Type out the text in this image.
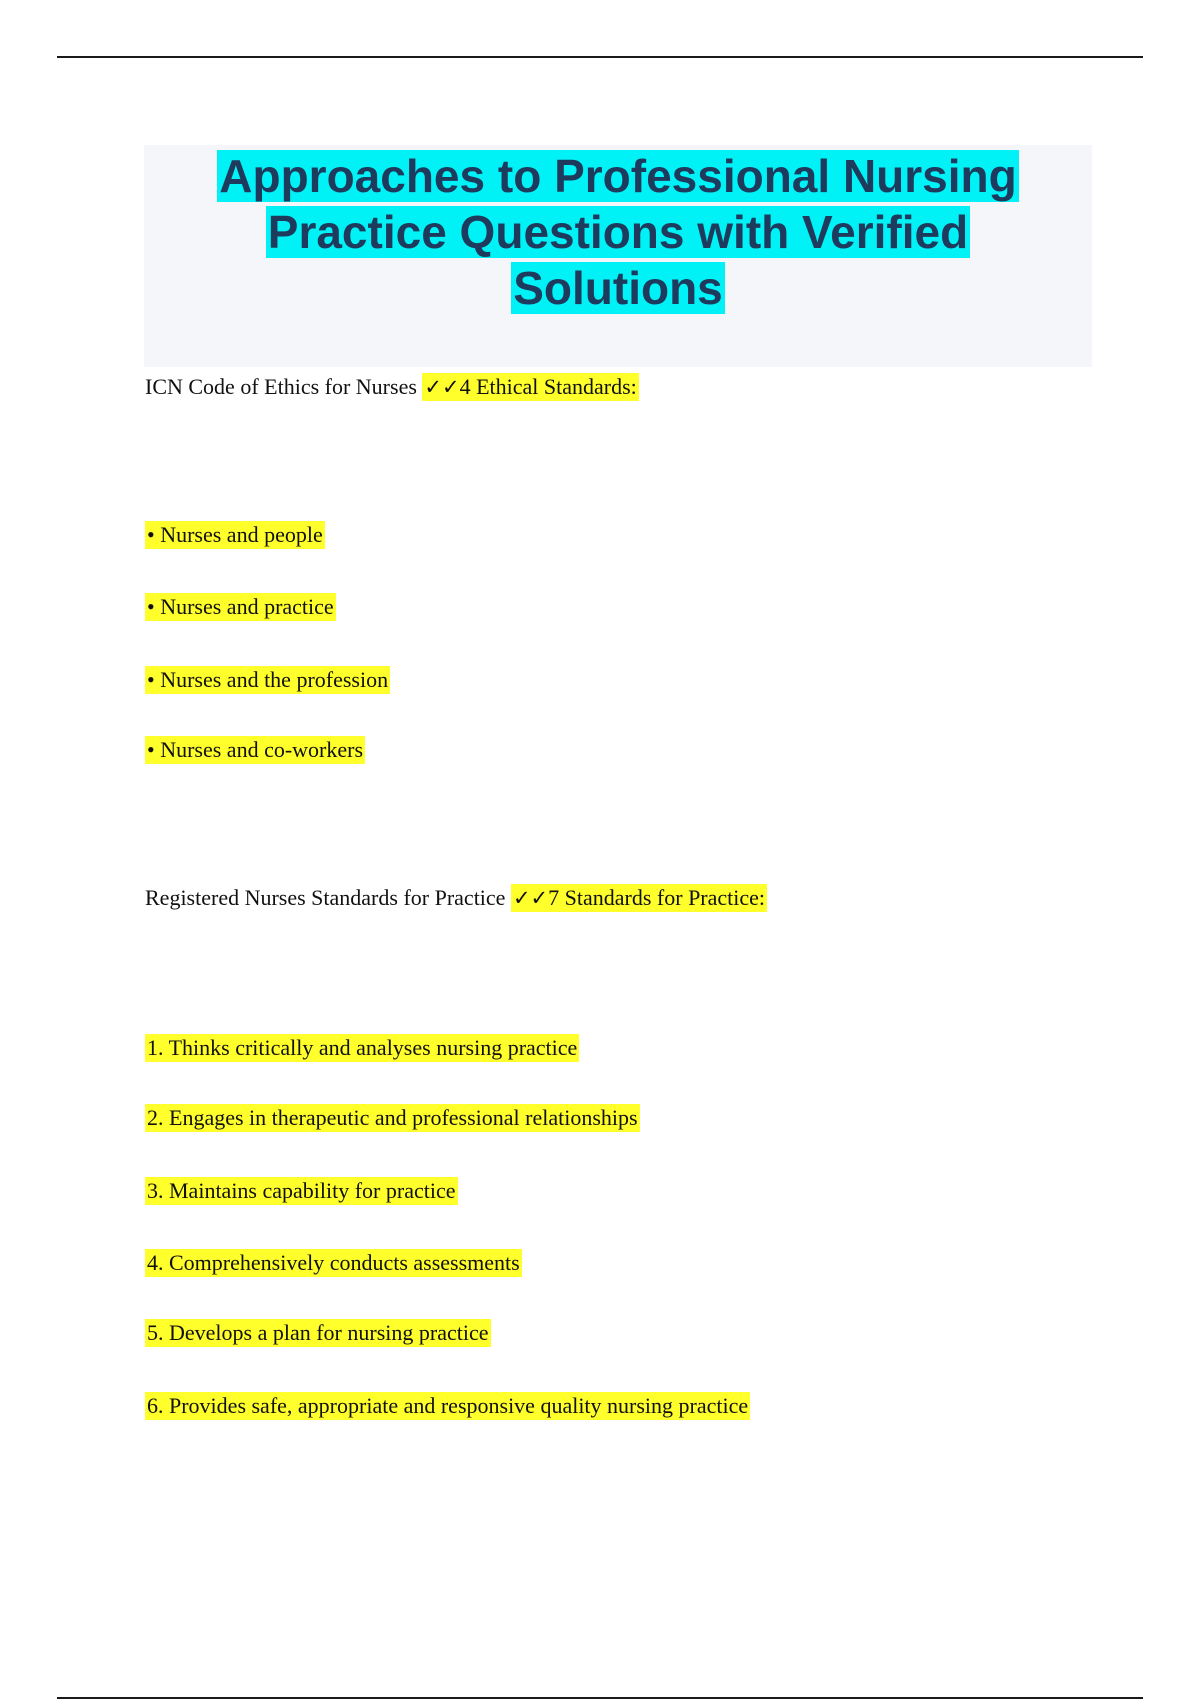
Approaches to Professional Nursing
Practice Questions with Verified
Solutions
ICN Code of Ethics for Nurses ✓✓4 Ethical Standards:
• Nurses and people
• Nurses and practice
• Nurses and the profession
• Nurses and co-workers
Registered Nurses Standards for Practice ✓✓7 Standards for Practice:
1. Thinks critically and analyses nursing practice
2. Engages in therapeutic and professional relationships
3. Maintains capability for practice
4. Comprehensively conducts assessments
5. Develops a plan for nursing practice
6. Provides safe, appropriate and responsive quality nursing practice
